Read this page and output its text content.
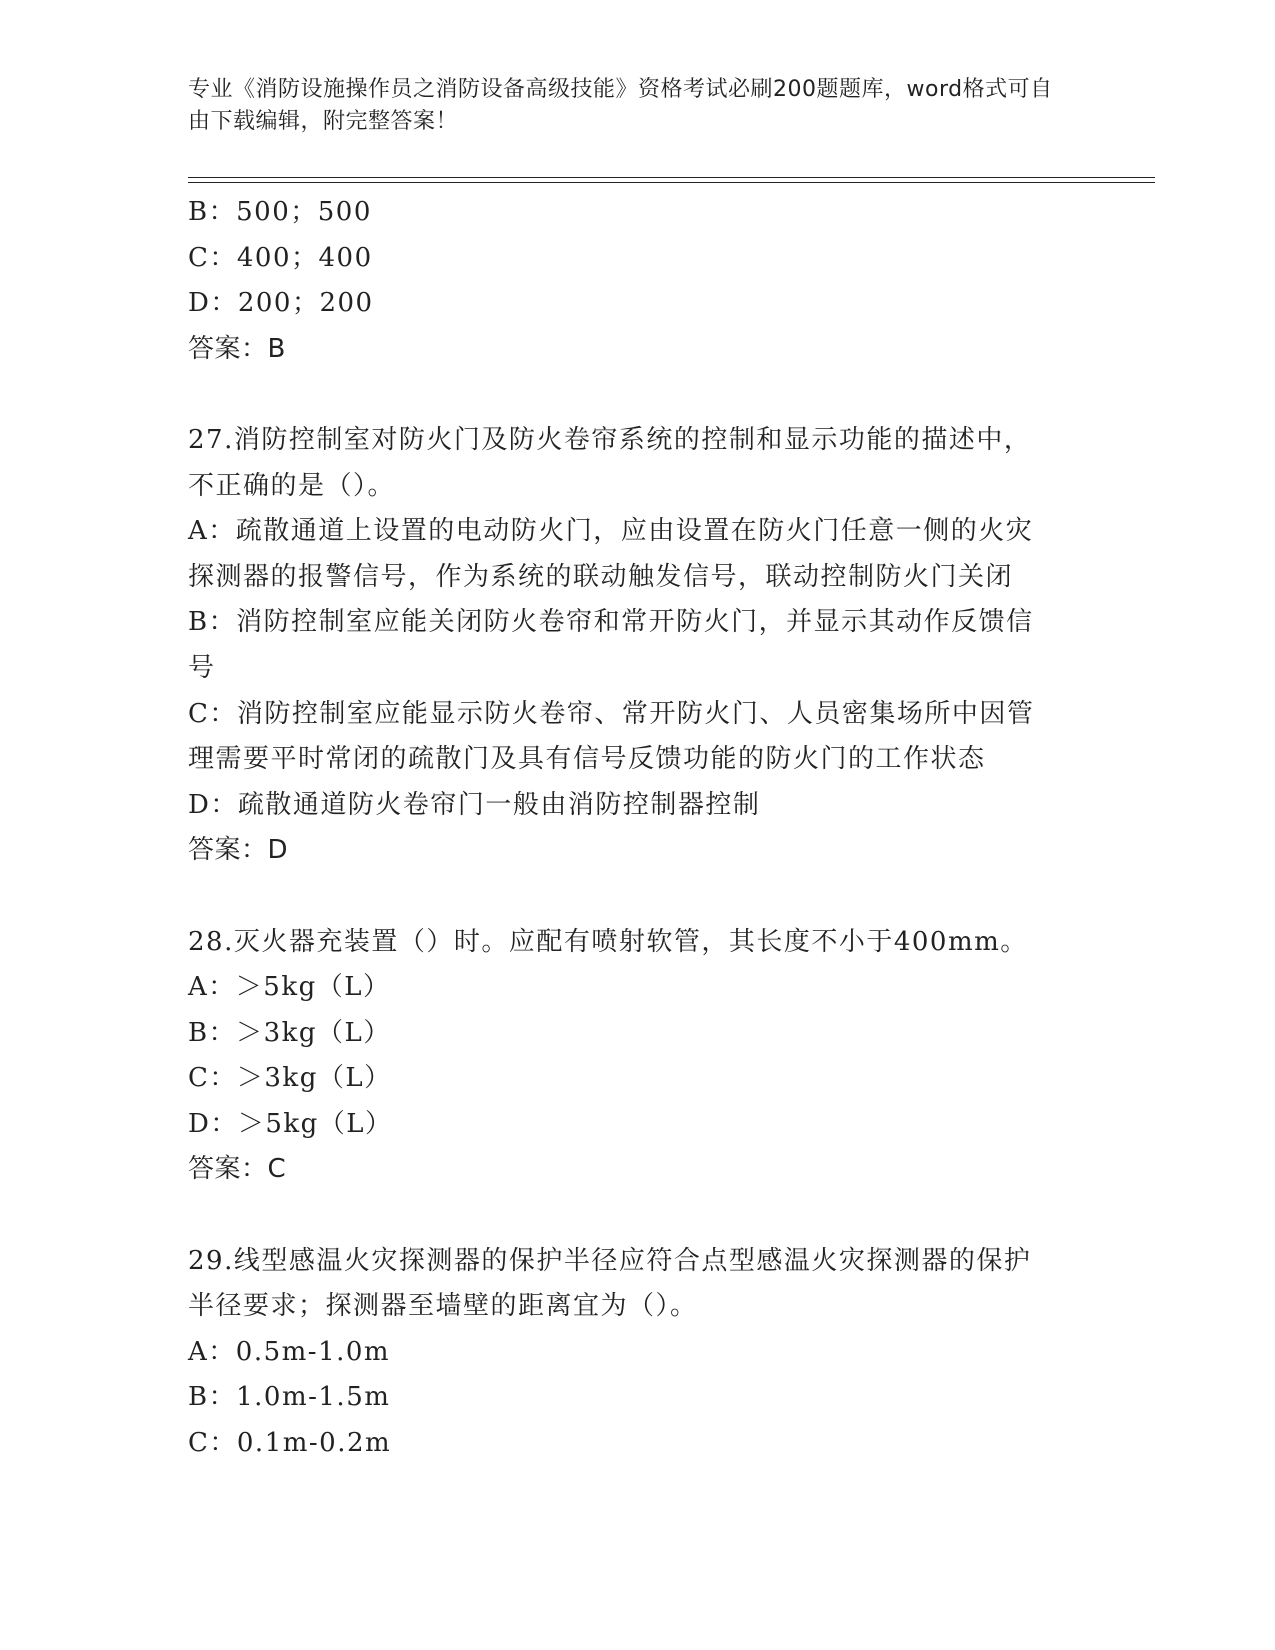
专业《消防设施操作员之消防设备高级技能》资格考试必刷200题题库，word格式可自由下载编辑，附完整答案！
B：500；500
C：400；400
D：200；200
答案：B
27.消防控制室对防火门及防火卷帘系统的控制和显示功能的描述中，
不正确的是（）。
A：疏散通道上设置的电动防火门，应由设置在防火门任意一侧的火灾
探测器的报警信号，作为系统的联动触发信号，联动控制防火门关闭
B：消防控制室应能关闭防火卷帘和常开防火门，并显示其动作反馈信
号
C：消防控制室应能显示防火卷帘、常开防火门、人员密集场所中因管
理需要平时常闭的疏散门及具有信号反馈功能的防火门的工作状态
D：疏散通道防火卷帘门一般由消防控制器控制
答案：D
28.灭火器充装置（）时。应配有喷射软管，其长度不小于400mm。
A：＞5kg（L）
B：＞3kg（L）
C：＞3kg（L）
D：＞5kg（L）
答案：C
29.线型感温火灾探测器的保护半径应符合点型感温火灾探测器的保护
半径要求；探测器至墙壁的距离宜为（）。
A：0.5m-1.0m
B：1.0m-1.5m
C：0.1m-0.2m
